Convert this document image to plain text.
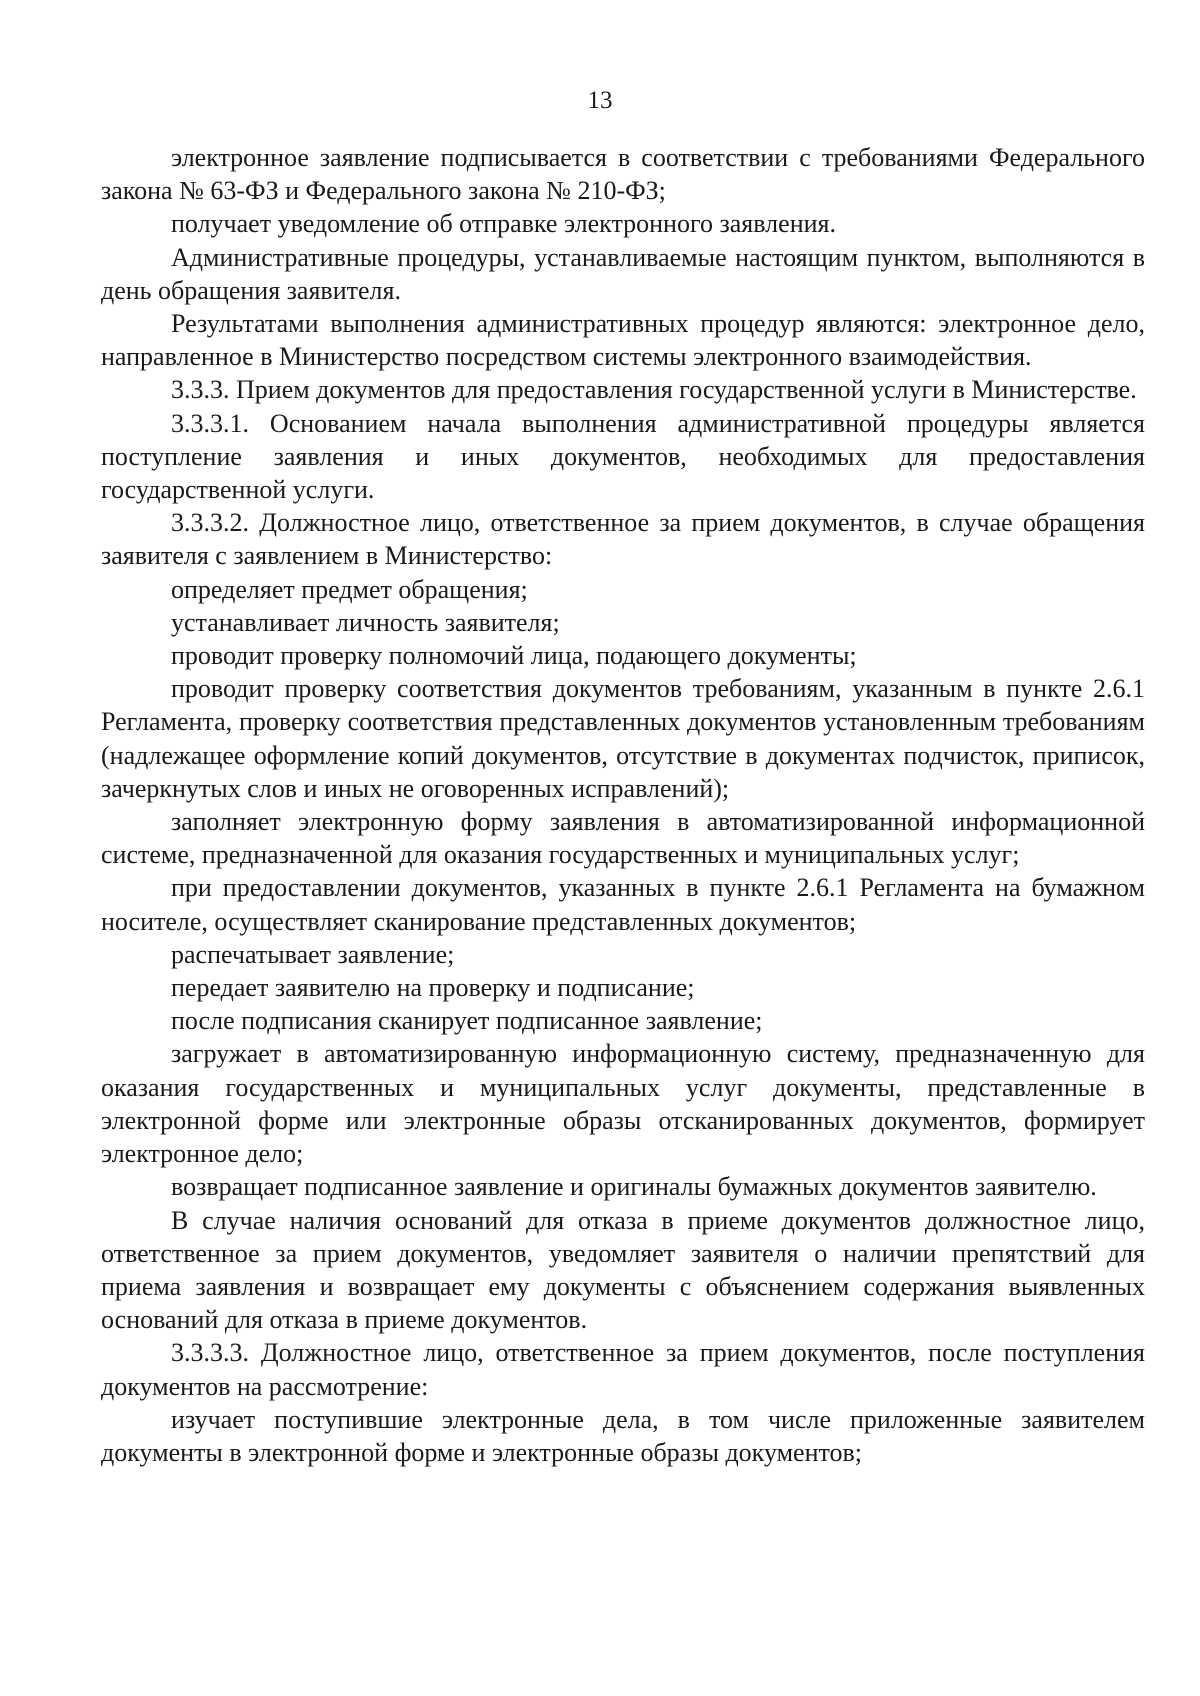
13

электронное заявление подписывается в соответствии с требованиями Федерального закона № 63-ФЗ и Федерального закона № 210-ФЗ;

получает уведомление об отправке электронного заявления.

Административные процедуры, устанавливаемые настоящим пунктом, выполняются в день обращения заявителя.

Результатами выполнения административных процедур являются: электронное дело, направленное в Министерство посредством системы электронного взаимодействия.

3.3.3. Прием документов для предоставления государственной услуги в Министерстве.

3.3.3.1. Основанием начала выполнения административной процедуры является поступление заявления и иных документов, необходимых для предоставления государственной услуги.

3.3.3.2. Должностное лицо, ответственное за прием документов, в случае обращения заявителя с заявлением в Министерство:

определяет предмет обращения;

устанавливает личность заявителя;

проводит проверку полномочий лица, подающего документы;

проводит проверку соответствия документов требованиям, указанным в пункте 2.6.1 Регламента, проверку соответствия представленных документов установленным требованиям (надлежащее оформление копий документов, отсутствие в документах подчисток, приписок, зачеркнутых слов и иных не оговоренных исправлений);

заполняет электронную форму заявления в автоматизированной информационной системе, предназначенной для оказания государственных и муниципальных услуг;

при предоставлении документов, указанных в пункте 2.6.1 Регламента на бумажном носителе, осуществляет сканирование представленных документов;

распечатывает заявление;

передает заявителю на проверку и подписание;

после подписания сканирует подписанное заявление;

загружает в автоматизированную информационную систему, предназначенную для оказания государственных и муниципальных услуг документы, представленные в электронной форме или электронные образы отсканированных документов, формирует электронное дело;

возвращает подписанное заявление и оригиналы бумажных документов заявителю.

В случае наличия оснований для отказа в приеме документов должностное лицо, ответственное за прием документов, уведомляет заявителя о наличии препятствий для приема заявления и возвращает ему документы с объяснением содержания выявленных оснований для отказа в приеме документов.

3.3.3.3. Должностное лицо, ответственное за прием документов, после поступления документов на рассмотрение:

изучает поступившие электронные дела, в том числе приложенные заявителем документы в электронной форме и электронные образы документов;
